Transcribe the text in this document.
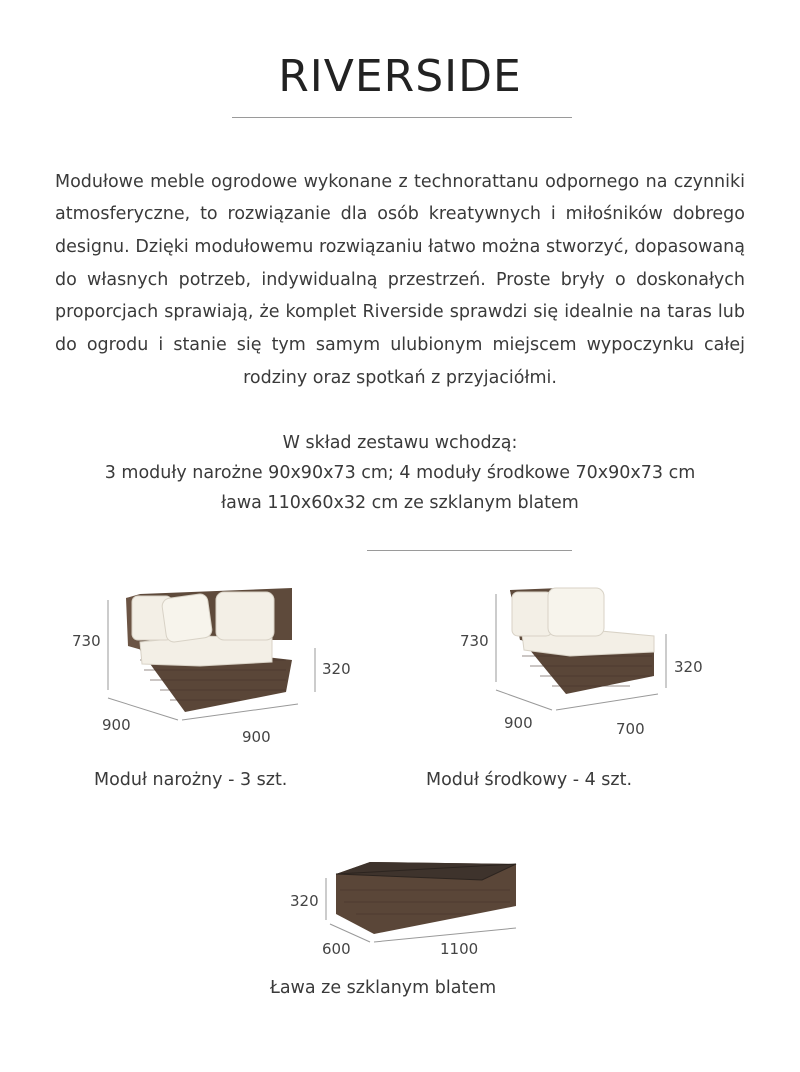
RIVERSIDE

Modułowe meble ogrodowe wykonane z technorattanu odpornego na czynniki atmosferyczne, to rozwiązanie dla osób kreatywnych i miłośników dobrego designu. Dzięki modułowemu rozwiązaniu łatwo można stworzyć, dopasowaną do własnych potrzeb, indywidualną przestrzeń. Proste bryły o doskonałych proporcjach sprawiają, że komplet Riverside sprawdzi się idealnie na taras lub do ogrodu i stanie się tym samym ulubionym miejscem wypoczynku całej rodziny oraz spotkań z przyjaciółmi.

W skład zestawu wchodzą:
3 moduły narożne 90x90x73 cm; 4 moduły środkowe 70x90x73 cm
ława 110x60x32 cm ze szklanym blatem
730
320
900
900
Moduł narożny - 3 szt.
730
320
900	700
Moduł środkowy - 4 szt.
320
600	1100
Ława ze szklanym blatem
